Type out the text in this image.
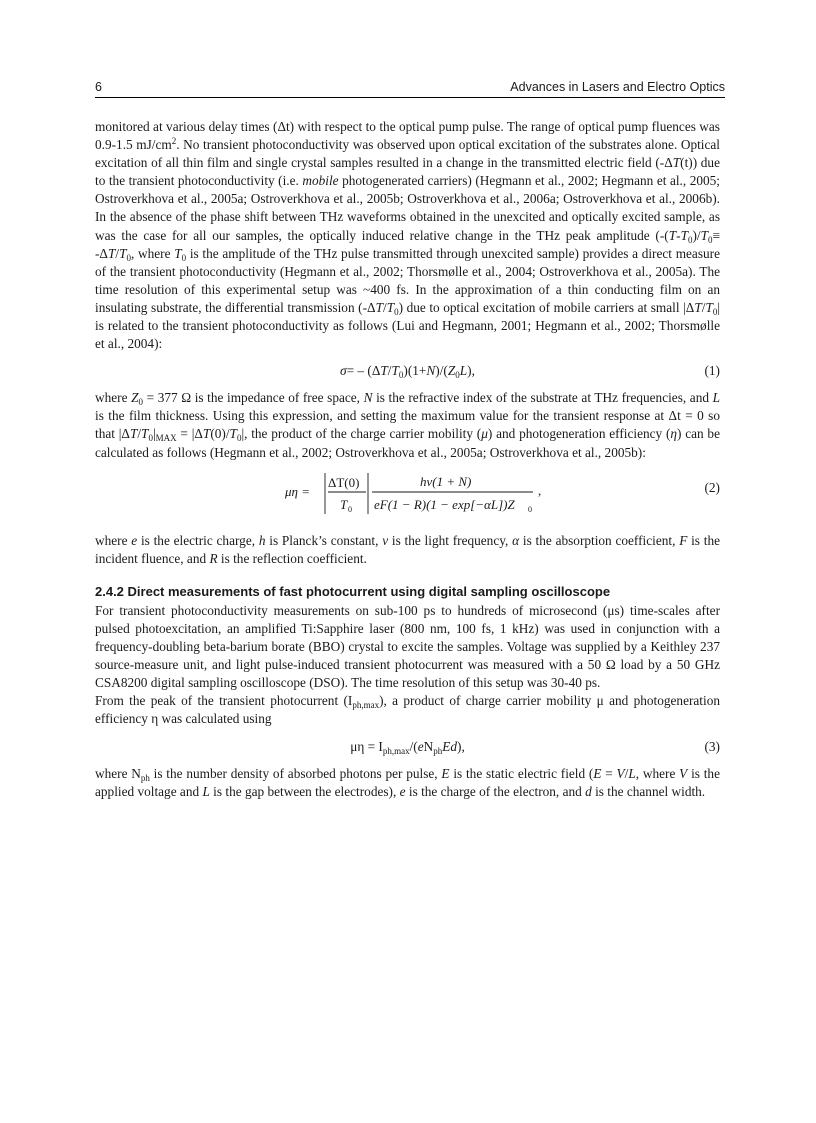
6	Advances in Lasers and Electro Optics

monitored at various delay times (Δt) with respect to the optical pump pulse. The range of optical pump fluences was 0.9-1.5 $mJ/cm^2$. No transient photoconductivity was observed upon optical excitation of the substrates alone. Optical excitation of all thin film and single crystal samples resulted in a change in the transmitted electric field (-ΔT(t)) due to the transient photoconductivity (i.e. mobile photogenerated carriers) (Hegmann et al., 2002; Hegmann et al., 2005; Ostroverkhova et al., 2005a; Ostroverkhova et al., 2005b; Ostroverkhova et al., 2006a; Ostroverkhova et al., 2006b). In the absence of the phase shift between THz waveforms obtained in the unexcited and optically excited sample, as was the case for all our samples, the optically induced relative change in the THz peak amplitude ($-(T-T_0)/T_0\equiv -\Delta T/T_0$, where $T_0$ is the amplitude of the THz pulse transmitted through unexcited sample) provides a direct measure of the transient photoconductivity (Hegmann et al., 2002; Thorsmølle et al., 2004; Ostroverkhova et al., 2005a). The time resolution of this experimental setup was ~400 fs. In the approximation of a thin conducting film on an insulating substrate, the differential transmission $(-\Delta T/T_0)$ due to optical excitation of mobile carriers at small $|\Delta T/T_0|$ is related to the transient photoconductivity as follows (Lui and Hegmann, 2001; Hegmann et al., 2002; Thorsmølle et al., 2004):

$\sigma= - (\Delta T/T_0)(1+N)/(Z_0L)$,	(1)

where $Z_0 = 377$ Ω is the impedance of free space, N is the refractive index of the substrate at THz frequencies, and L is the film thickness. Using this expression, and setting the maximum value for the transient response at Δt = 0 so that $|\Delta T/T_0|_{MAX} = |\Delta T(0)/T_0|$, the product of the charge carrier mobility (μ) and photogeneration efficiency (η) can be calculated as follows (Hegmann et al., 2002; Ostroverkhova et al., 2005a; Ostroverkhova et al., 2005b):

μη =
ΔT(0)
T 0
hν(1 + N)
eF(1 − R)(1 − exp[−αL])Z 0
,	(2)

where e is the electric charge, h is Planck’s constant, ν is the light frequency, α is the absorption coefficient, F is the incident fluence, and R is the reflection coefficient.

2.4.2 Direct measurements of fast photocurrent using digital sampling oscilloscope

For transient photoconductivity measurements on sub-100 ps to hundreds of microsecond (μs) time-scales after pulsed photoexcitation, an amplified Ti:Sapphire laser (800 nm, 100 fs, 1 kHz) was used in conjunction with a frequency-doubling beta-barium borate (BBO) crystal to excite the samples. Voltage was supplied by a Keithley 237 source-measure unit, and light pulse-induced transient photocurrent was measured with a 50 Ω load by a 50 GHz CSA8200 digital sampling oscilloscope (DSO). The time resolution of this setup was 30-40 ps.

From the peak of the transient photocurrent $(I_{ph,max})$, a product of charge carrier mobility μ and photogeneration efficiency η was calculated using

$\mu\eta = I_{ph,max}/(eN_{ph}Ed)$,	(3)

where $N_{ph}$ is the number density of absorbed photons per pulse, E is the static electric field (E = V/L, where V is the applied voltage and L is the gap between the electrodes), e is the charge of the electron, and d is the channel width.
